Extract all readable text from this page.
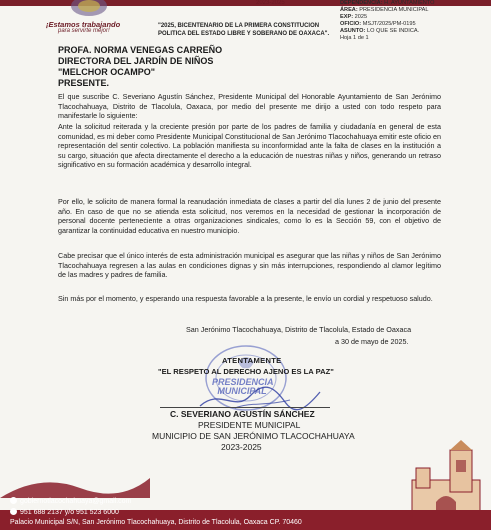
¡Estamos trabajando
para servirte mejor!
2023-2025
"2025, BICENTENARIO DE LA PRIMERA CONSTITUCION
POLITICA DEL ESTADO LIBRE Y SOBERANO DE OAXACA".
DEPENDENCIA: H. AYUNTAMIENTO
ÁREA: PRESIDENCIA MUNICIPAL
EXP: 2025
OFICIO: MSJT/2025/PM-0195
ASUNTO: LO QUE SE INDICA.
Hoja 1 de 1
PROFA. NORMA VENEGAS CARREÑO
DIRECTORA DEL JARDÍN DE NIÑOS
"MELCHOR OCAMPO"
PRESENTE.
El que suscribe C. Severiano Agustín Sánchez, Presidente Municipal del Honorable Ayuntamiento de San Jerónimo Tlacochahuaya, Distrito de Tlacolula, Oaxaca, por medio del presente me dirijo a usted con todo respeto para manifestarle lo siguiente:
Ante la solicitud reiterada y la creciente presión por parte de los padres de familia y ciudadanía en general de esta comunidad, es mi deber como Presidente Municipal Constitucional de San Jerónimo Tlacochahuaya emitir este oficio en representación del sentir colectivo. La población manifiesta su inconformidad ante la falta de clases en la institución a su cargo, situación que afecta directamente el derecho a la educación de nuestras niñas y niños, generando un retraso significativo en su formación académica y desarrollo integral.
Por ello, le solicito de manera formal la reanudación inmediata de clases a partir del día lunes 2 de junio del presente año. En caso de que no se atienda esta solicitud, nos veremos en la necesidad de gestionar la incorporación de personal docente perteneciente a otras organizaciones sindicales, como lo es la Sección 59, con el objetivo de garantizar la continuidad educativa en nuestro municipio.
Cabe precisar que el único interés de esta administración municipal es asegurar que las niñas y niños de San Jerónimo Tlacochahuaya regresen a las aulas en condiciones dignas y sin más interrupciones, respondiendo al clamor legítimo de las madres y padres de familia.
Sin más por el momento, y esperando una respuesta favorable a la presente, le envío un cordial y respetuoso saludo.
San Jerónimo Tlacochahuaya, Distrito de Tlacolula, Estado de Oaxaca
a 30 de mayo de 2025.
ATENTAMENTE
"EL RESPETO AL DERECHO AJENO ES LA PAZ"
PRESIDENCIA MUNICIPAL
C. SEVERIANO AGUSTÍN SÁNCHEZ
PRESIDENTE MUNICIPAL
MUNICIPIO DE SAN JERÓNIMO TLACOCHAHUAYA
2023-2025
gobiernotlacochahuaya@gmail.com
951 688 2137 y/o 951 523 6000
Palacio Municipal S/N, San Jerónimo Tlacochahuaya, Distrito de Tlacolula, Oaxaca CP. 70460
